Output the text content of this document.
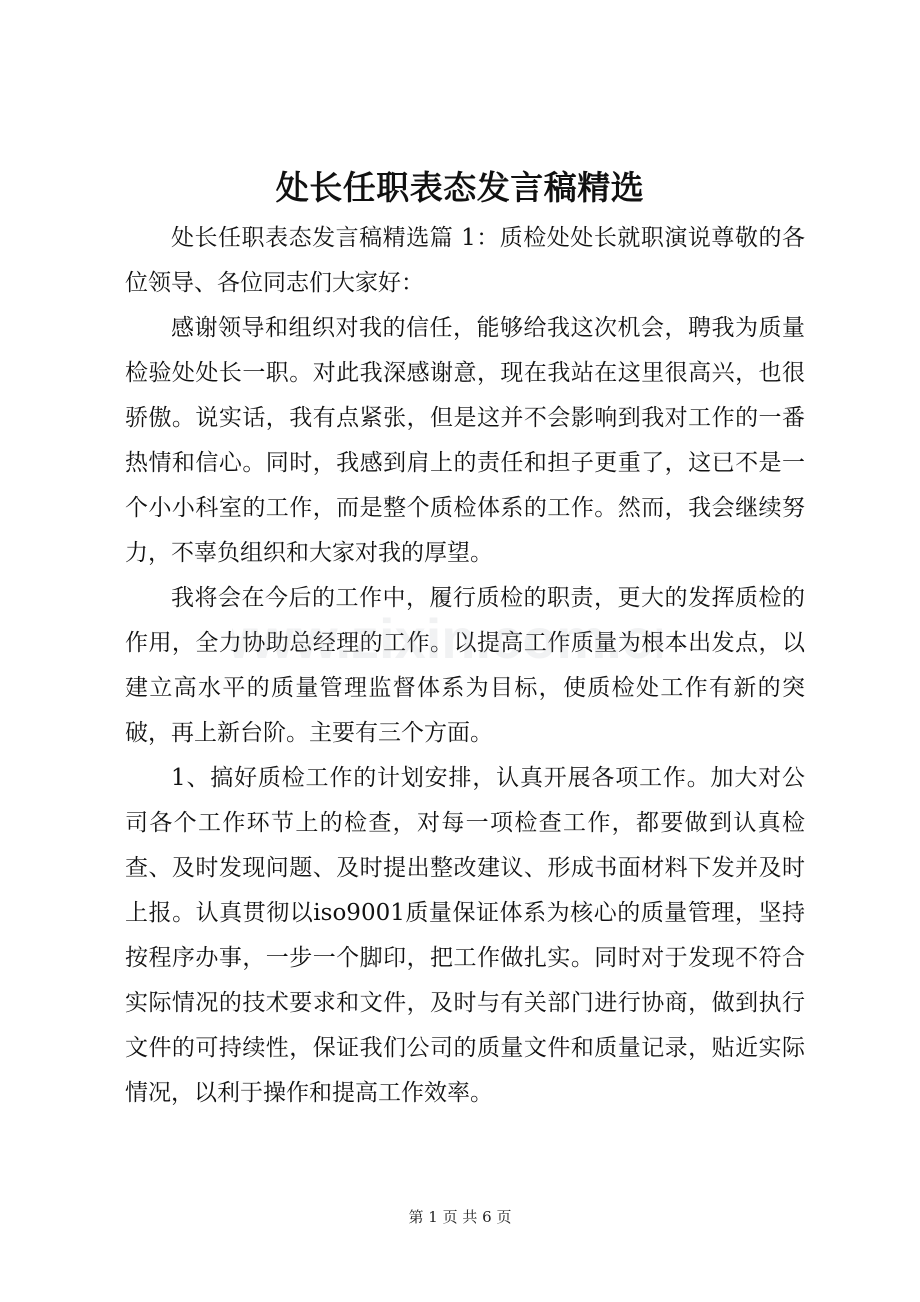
处长任职表态发言稿精选

处长任职表态发言稿精选篇 1：质检处处长就职演说尊敬的各位领导、各位同志们大家好：

感谢领导和组织对我的信任，能够给我这次机会，聘我为质量检验处处长一职。对此我深感谢意，现在我站在这里很高兴，也很骄傲。说实话，我有点紧张，但是这并不会影响到我对工作的一番热情和信心。同时，我感到肩上的责任和担子更重了，这已不是一个小小科室的工作，而是整个质检体系的工作。然而，我会继续努力，不辜负组织和大家对我的厚望。

我将会在今后的工作中，履行质检的职责，更大的发挥质检的作用，全力协助总经理的工作。以提高工作质量为根本出发点，以建立高水平的质量管理监督体系为目标，使质检处工作有新的突破，再上新台阶。主要有三个方面。

1、搞好质检工作的计划安排，认真开展各项工作。加大对公司各个工作环节上的检查，对每一项检查工作，都要做到认真检查、及时发现问题、及时提出整改建议、形成书面材料下发并及时上报。认真贯彻以iso9001质量保证体系为核心的质量管理，坚持按程序办事，一步一个脚印，把工作做扎实。同时对于发现不符合实际情况的技术要求和文件，及时与有关部门进行协商，做到执行文件的可持续性，保证我们公司的质量文件和质量记录，贴近实际情况，以利于操作和提高工作效率。

ww.zixin.com.c
第 1 页 共 6 页
